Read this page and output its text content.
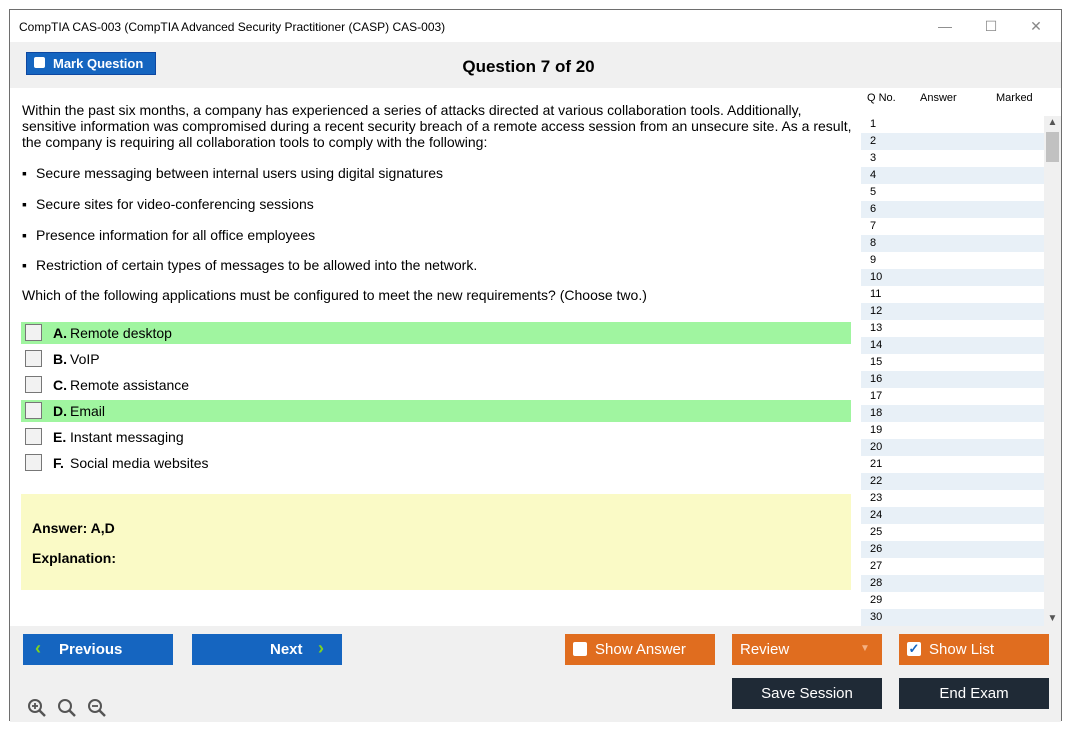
CompTIA CAS-003 (CompTIA Advanced Security Practitioner (CASP) CAS-003)	—	☐	✕
Mark Question	Question 7 of 20
Within the past six months, a company has experienced a series of attacks directed at various collaboration tools. Additionally, sensitive information was compromised during a recent security breach of a remote access session from an unsecure site. As a result, the company is requiring all collaboration tools to comply with the following:
▪ Secure messaging between internal users using digital signatures
▪ Secure sites for video-conferencing sessions
▪ Presence information for all office employees
▪ Restriction of certain types of messages to be allowed into the network.
Which of the following applications must be configured to meet the new requirements? (Choose two.)
A. Remote desktop
B. VoIP
C. Remote assistance
D. Email
E. Instant messaging
F. Social media websites
Answer: A,D
Explanation:
Q No. Answer	Marked
1
2
3
4
5
6
7
8
9
10
11
12
13
14
15
16
17
18
19
20
21
22
23
24
25
26
27
28
29
30
▲
▼
‹ Previous	Next ›	Show Answer	Review	▼	✓ Show List
Save Session	End Exam
